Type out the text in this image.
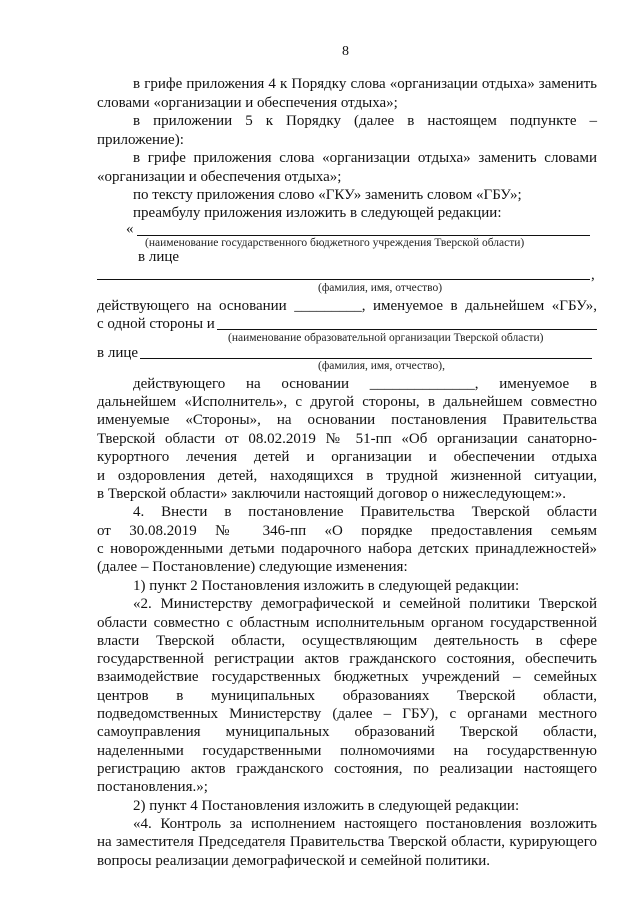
8
в грифе приложения 4 к Порядку слова «организации отдыха» заменить
словами «организации и обеспечения отдыха»;
в приложении 5 к Порядку (далее в настоящем подпункте –
приложение):
в грифе приложения слова «организации отдыха» заменить словами
«организации и обеспечения отдыха»;
по тексту приложения слово «ГКУ» заменить словом «ГБУ»;
преамбулу приложения изложить в следующей редакции:
«
(наименование государственного бюджетного учреждения Тверской области)
в лице
,
(фамилия, имя, отчество)
действующего на основании _________, именуемое в дальнейшем «ГБУ»,
с одной стороны и
(наименование образовательной организации Тверской области)
в лице
(фамилия, имя, отчество),
действующего на основании ______________, именуемое в
дальнейшем «Исполнитель», с другой стороны, в дальнейшем совместно
именуемые «Стороны», на основании постановления Правительства
Тверской области от 08.02.2019 № 51-пп «Об организации санаторно-
курортного лечения детей и организации и обеспечении отдыха
и оздоровления детей, находящихся в трудной жизненной ситуации,
в Тверской области» заключили настоящий договор о нижеследующем:».
4. Внести в постановление Правительства Тверской области
от 30.08.2019 № 346-пп «О порядке предоставления семьям
с новорожденными детьми подарочного набора детских принадлежностей»
(далее – Постановление) следующие изменения:
1) пункт 2 Постановления изложить в следующей редакции:
«2. Министерству демографической и семейной политики Тверской
области совместно с областным исполнительным органом государственной
власти Тверской области, осуществляющим деятельность в сфере
государственной регистрации актов гражданского состояния, обеспечить
взаимодействие государственных бюджетных учреждений – семейных
центров в муниципальных образованиях Тверской области,
подведомственных Министерству (далее – ГБУ), с органами местного
самоуправления муниципальных образований Тверской области,
наделенными государственными полномочиями на государственную
регистрацию актов гражданского состояния, по реализации настоящего
постановления.»;
2) пункт 4 Постановления изложить в следующей редакции:
«4. Контроль за исполнением настоящего постановления возложить
на заместителя Председателя Правительства Тверской области, курирующего
вопросы реализации демографической и семейной политики.
